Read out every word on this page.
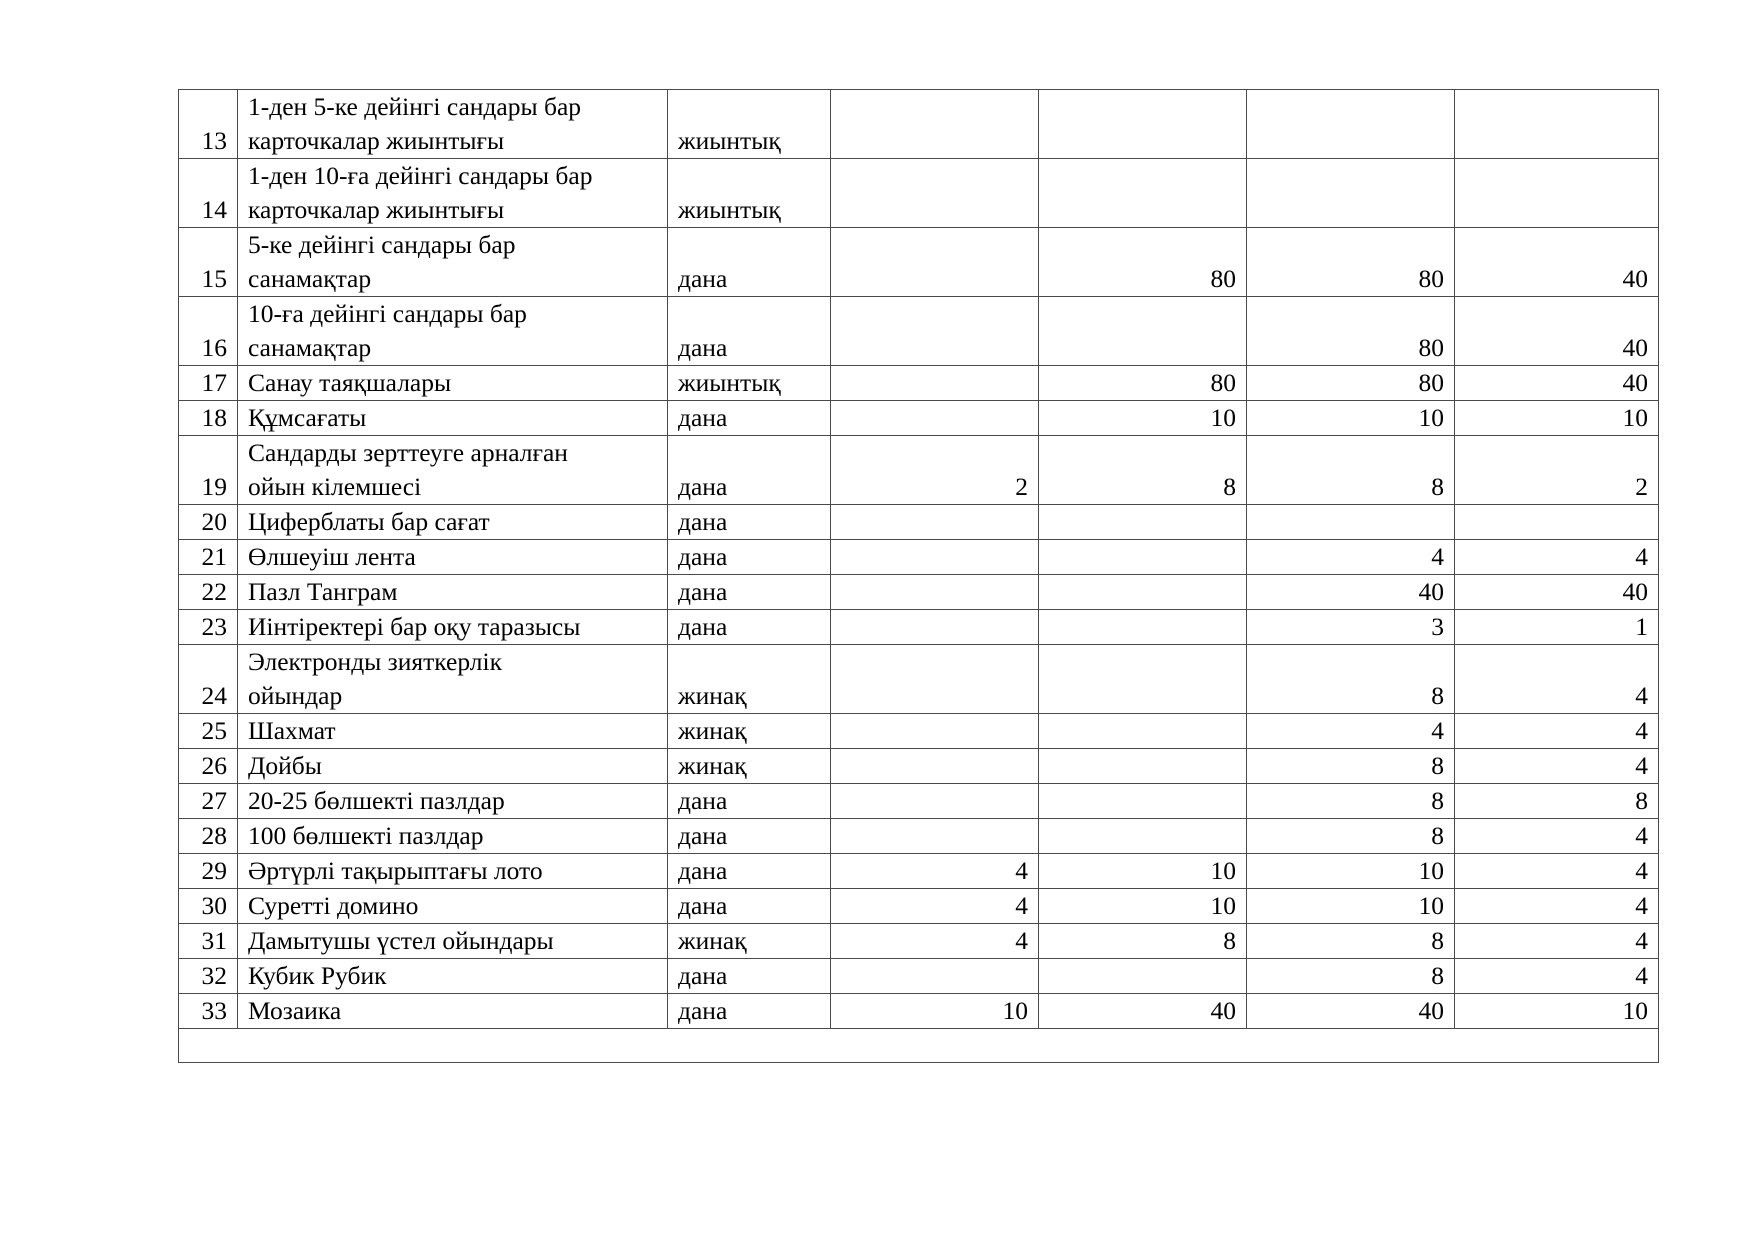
13	1-ден 5-ке дейінгі сандары бар
карточкалар жиынтығы	жиынтық				
14	1-ден 10-ға дейінгі сандары бар
карточкалар жиынтығы	жиынтық				
15	5-ке дейінгі сандары бар
санамақтар	дана		80	80	40
16	10-ға дейінгі сандары бар
санамақтар	дана			80	40
17	Санау таяқшалары	жиынтық		80	80	40
18	Құмсағаты	дана		10	10	10
19	Сандарды зерттеуге арналған
ойын кілемшесі	дана	2	8	8	2
20	Циферблаты бар сағат	дана				
21	Өлшеуіш лента	дана			4	4
22	Пазл Танграм	дана			40	40
23	Иінтіректері бар оқу таразысы	дана			3	1
24	Электронды зияткерлік
ойындар	жинақ			8	4
25	Шахмат	жинақ			4	4
26	Дойбы	жинақ			8	4
27	20-25 бөлшекті пазлдар	дана			8	8
28	100 бөлшекті пазлдар	дана			8	4
29	Әртүрлі тақырыптағы лото	дана	4	10	10	4
30	Суретті домино	дана	4	10	10	4
31	Дамытушы үстел ойындары	жинақ	4	8	8	4
32	Кубик Рубик	дана			8	4
33	Мозаика	дана	10	40	40	10
